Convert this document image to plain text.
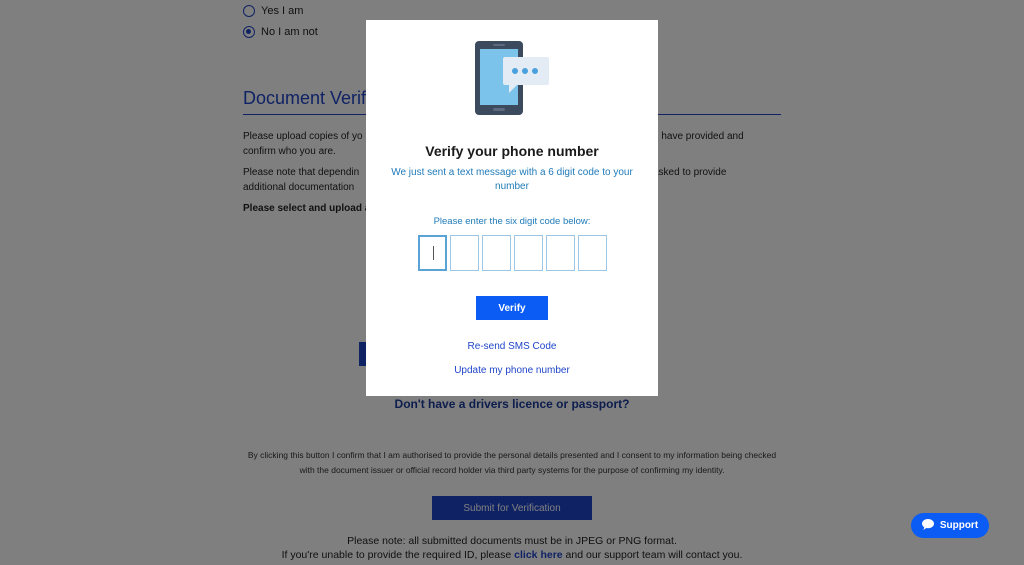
Verify your phone number
We just sent a text message with a 6 digit code to your number
Please enter the six digit code below:
Verify
Re-send SMS Code
Update my phone number
Support
